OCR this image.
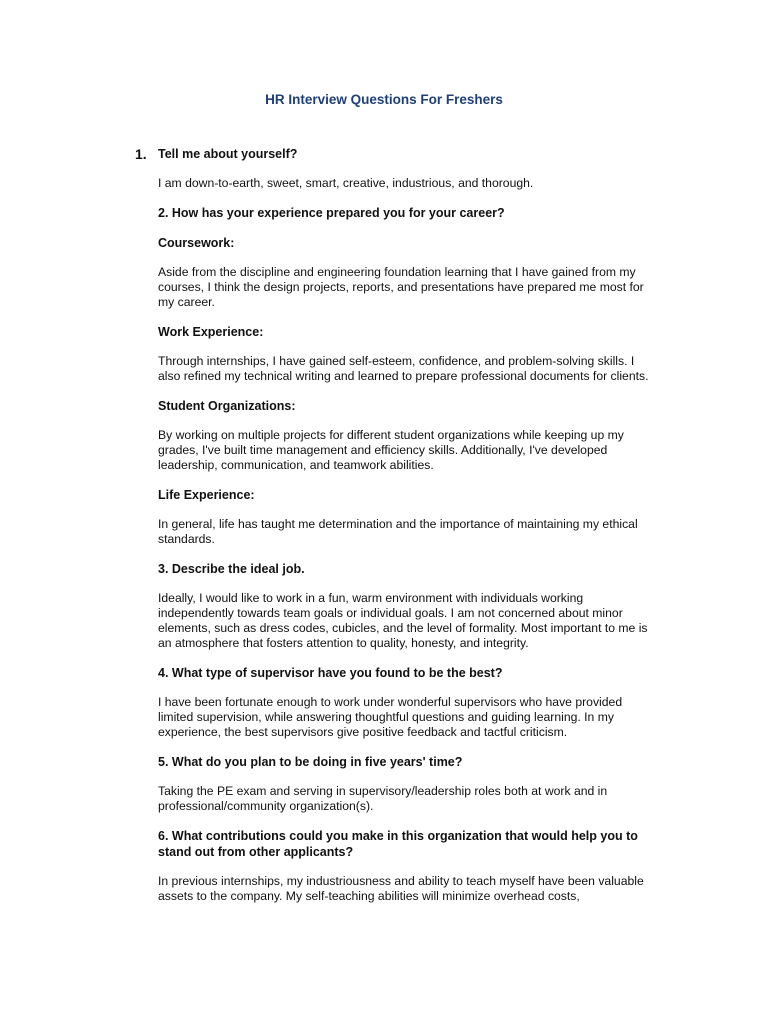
HR Interview Questions For Freshers
1. Tell me about yourself?
I am down-to-earth, sweet, smart, creative, industrious, and thorough.
2. How has your experience prepared you for your career?
Coursework:
Aside from the discipline and engineering foundation learning that I have gained from my courses, I think the design projects, reports, and presentations have prepared me most for my career.
Work Experience:
Through internships, I have gained self-esteem, confidence, and problem-solving skills. I also refined my technical writing and learned to prepare professional documents for clients.
Student Organizations:
By working on multiple projects for different student organizations while keeping up my grades, I've built time management and efficiency skills. Additionally, I've developed leadership, communication, and teamwork abilities.
Life Experience:
In general, life has taught me determination and the importance of maintaining my ethical standards.
3. Describe the ideal job.
Ideally, I would like to work in a fun, warm environment with individuals working independently towards team goals or individual goals. I am not concerned about minor elements, such as dress codes, cubicles, and the level of formality. Most important to me is an atmosphere that fosters attention to quality, honesty, and integrity.
4. What type of supervisor have you found to be the best?
I have been fortunate enough to work under wonderful supervisors who have provided limited supervision, while answering thoughtful questions and guiding learning. In my experience, the best supervisors give positive feedback and tactful criticism.
5. What do you plan to be doing in five years' time?
Taking the PE exam and serving in supervisory/leadership roles both at work and in professional/community organization(s).
6. What contributions could you make in this organization that would help you to stand out from other applicants?
In previous internships, my industriousness and ability to teach myself have been valuable assets to the company. My self-teaching abilities will minimize overhead costs,
